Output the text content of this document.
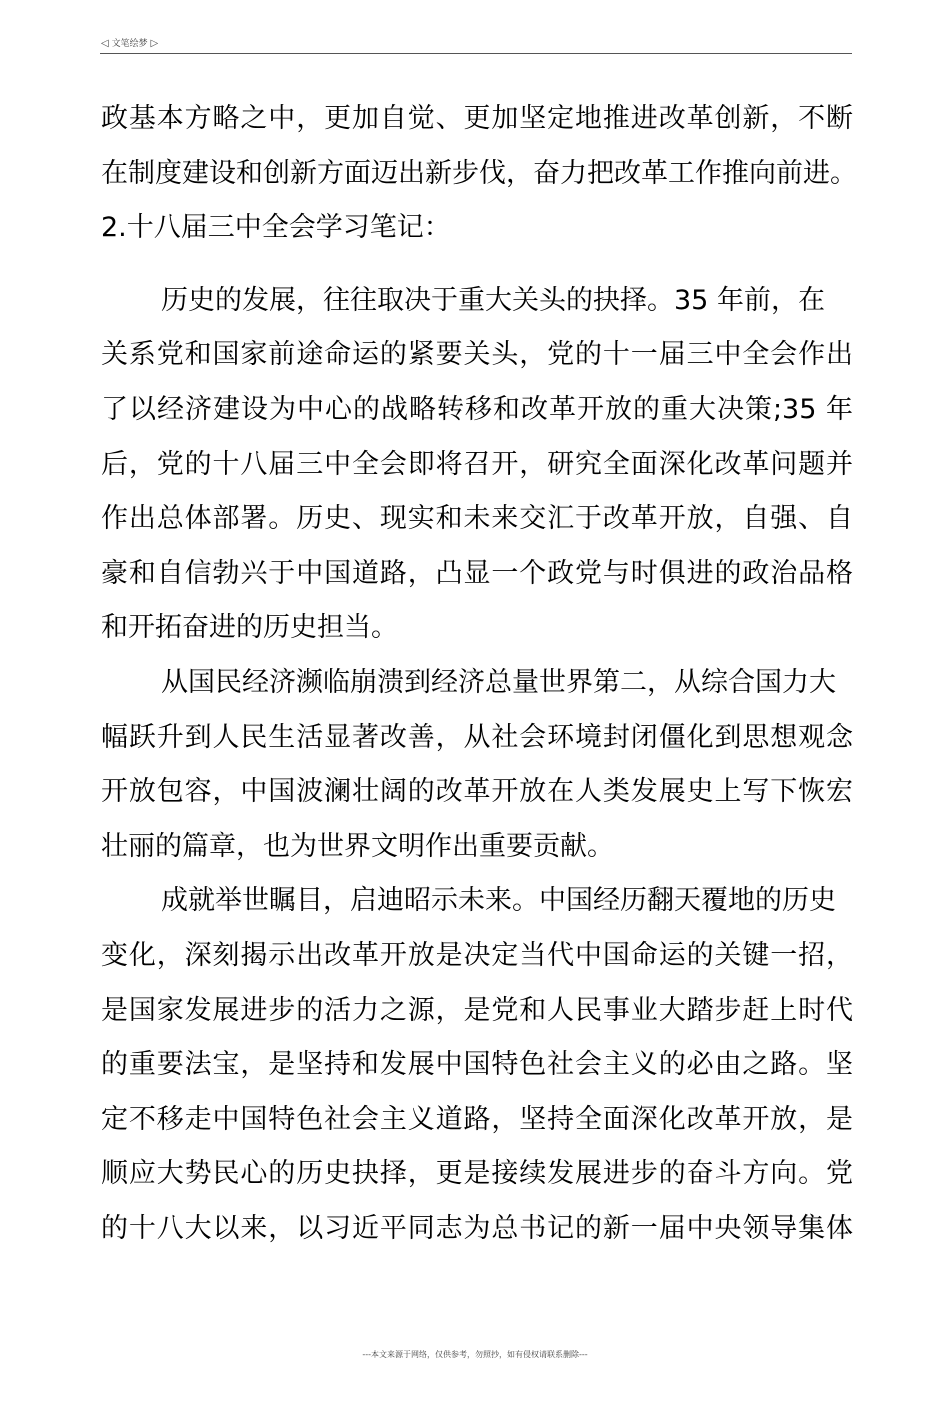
◁ 文笔绘梦 ▷
政基本方略之中，更加自觉、更加坚定地推进改革创新，不断
在制度建设和创新方面迈出新步伐，奋力把改革工作推向前进。
2.十八届三中全会学习笔记：
历史的发展，往往取决于重大关头的抉择。35 年前，在
关系党和国家前途命运的紧要关头，党的十一届三中全会作出
了以经济建设为中心的战略转移和改革开放的重大决策;35 年
后，党的十八届三中全会即将召开，研究全面深化改革问题并
作出总体部署。历史、现实和未来交汇于改革开放，自强、自
豪和自信勃兴于中国道路，凸显一个政党与时俱进的政治品格
和开拓奋进的历史担当。
从国民经济濒临崩溃到经济总量世界第二，从综合国力大
幅跃升到人民生活显著改善，从社会环境封闭僵化到思想观念
开放包容，中国波澜壮阔的改革开放在人类发展史上写下恢宏
壮丽的篇章，也为世界文明作出重要贡献。
成就举世瞩目，启迪昭示未来。中国经历翻天覆地的历史
变化，深刻揭示出改革开放是决定当代中国命运的关键一招，
是国家发展进步的活力之源，是党和人民事业大踏步赶上时代
的重要法宝，是坚持和发展中国特色社会主义的必由之路。坚
定不移走中国特色社会主义道路，坚持全面深化改革开放，是
顺应大势民心的历史抉择，更是接续发展进步的奋斗方向。党
的十八大以来，以习近平同志为总书记的新一届中央领导集体
---本文来源于网络，仅供参考，勿照抄，如有侵权请联系删除---
